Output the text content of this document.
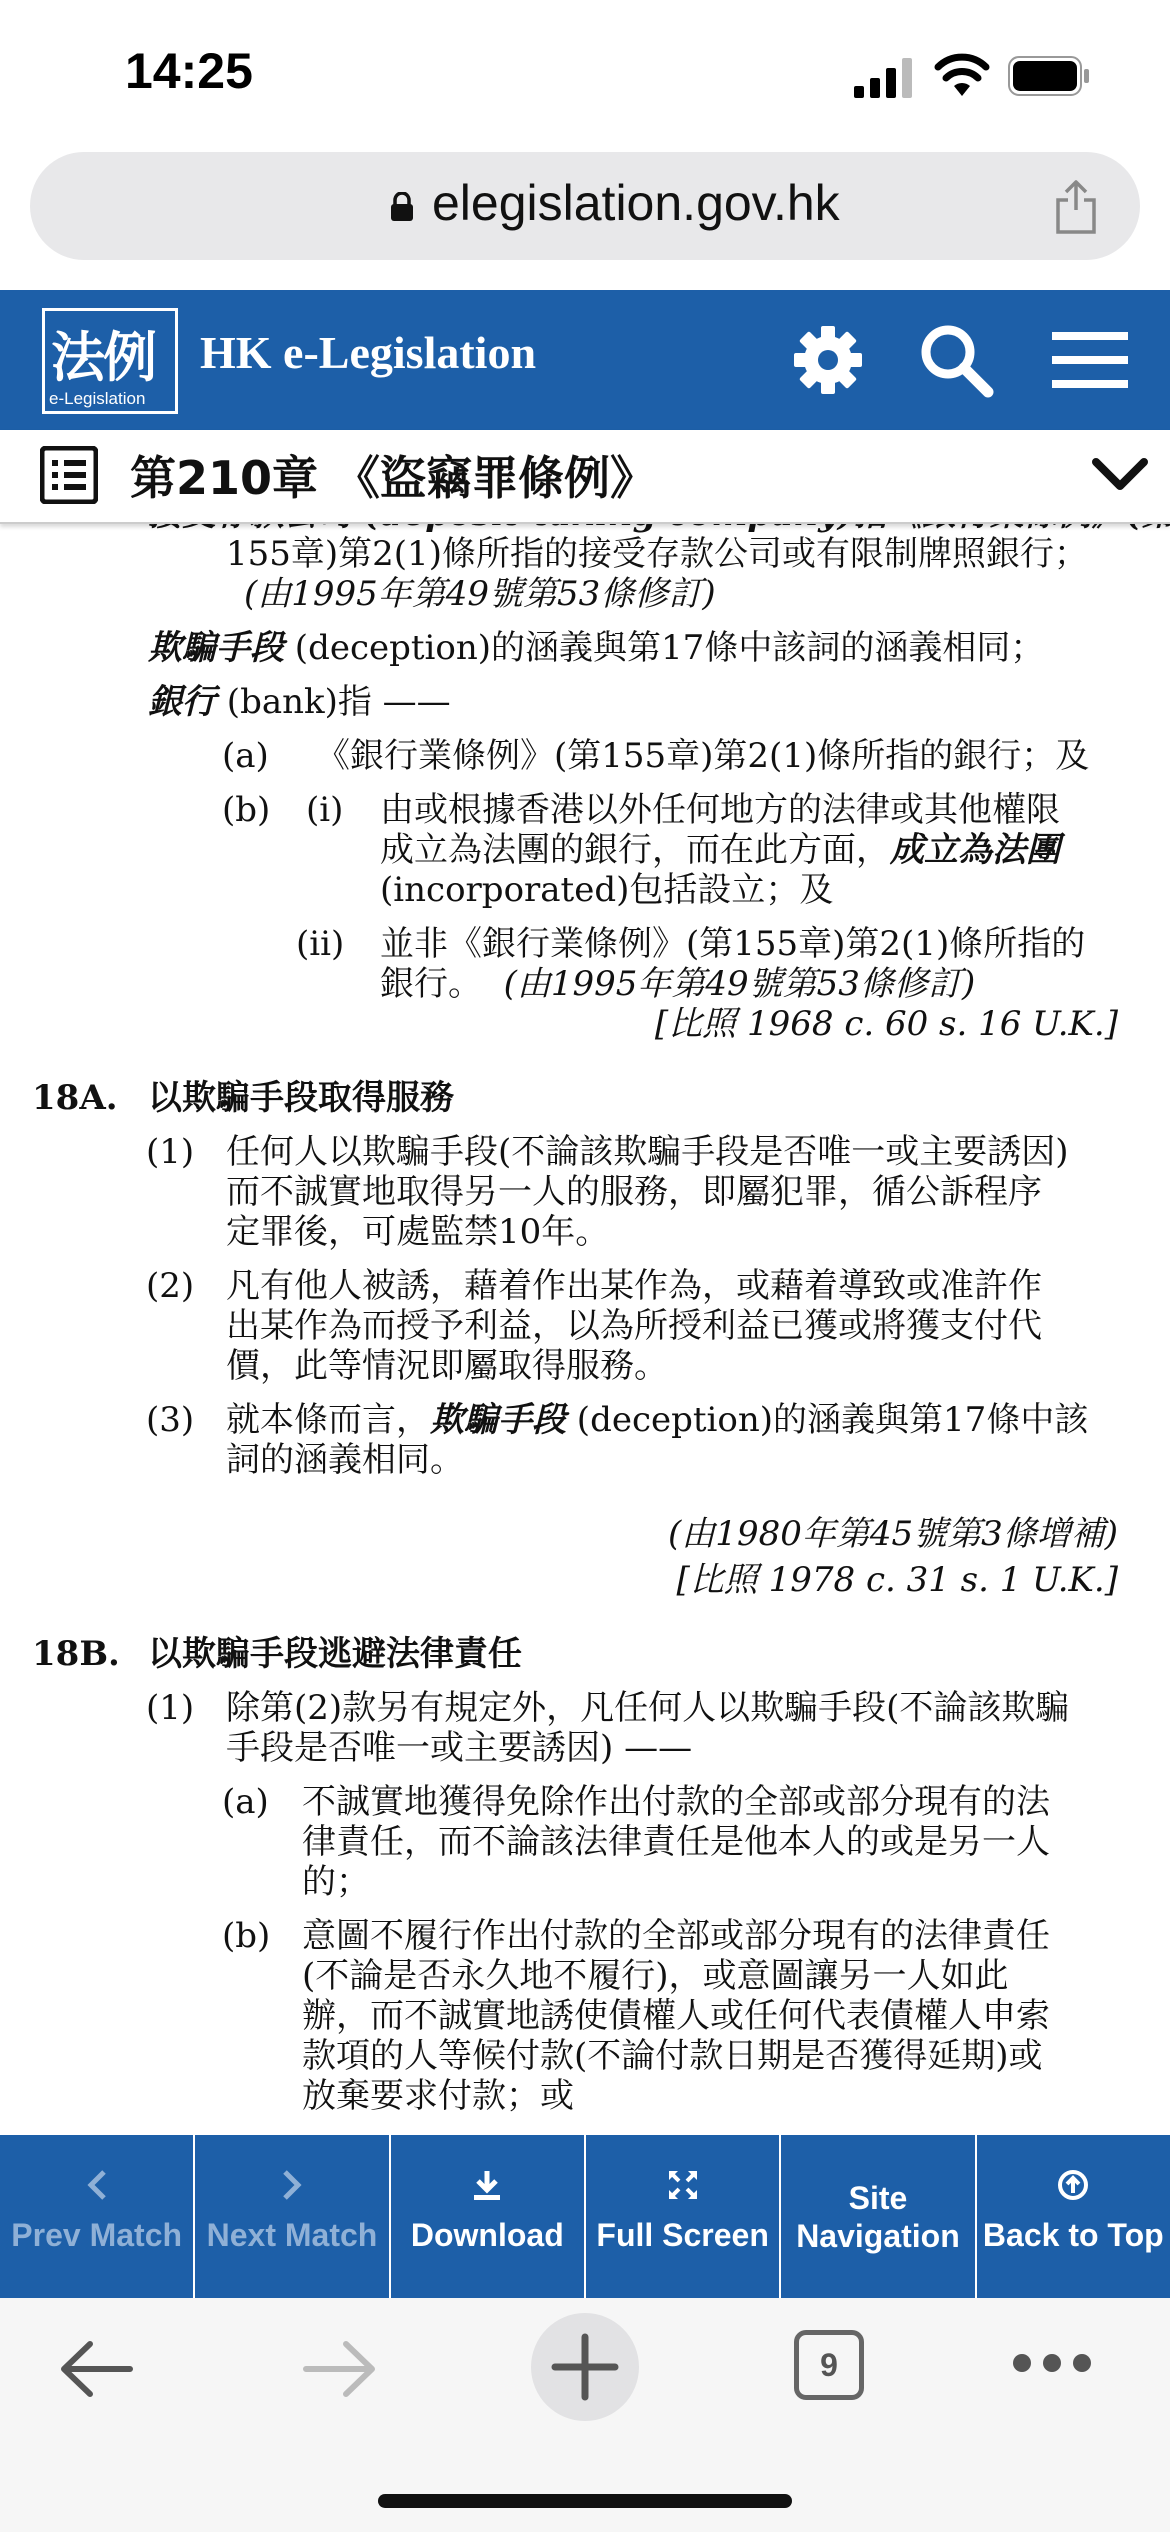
14:25
elegislation.gov.hk
法例
e-Legislation
HK e-Legislation
第210章 《盜竊罪條例》
155章)第2(1)條所指的接受存款公司或有限制牌照銀行；
(由1995年第49號第53條修訂)
欺騙手段 (deception)的涵義與第17條中該詞的涵義相同；
銀行 (bank)指 ——
(a) 《銀行業條例》(第155章)第2(1)條所指的銀行；及
(b) (i) 由或根據香港以外任何地方的法律或其他權限
成立為法團的銀行，而在此方面，成立為法團
(incorporated)包括設立；及
(ii) 並非《銀行業條例》(第155章)第2(1)條所指的
銀行。 (由1995年第49號第53條修訂)
[比照 1968 c. 60 s. 16 U.K.]
18A. 以欺騙手段取得服務
(1) 任何人以欺騙手段(不論該欺騙手段是否唯一或主要誘因)
而不誠實地取得另一人的服務，即屬犯罪，循公訴程序
定罪後，可處監禁10年。
(2) 凡有他人被誘，藉着作出某作為，或藉着導致或准許作
出某作為而授予利益，以為所授利益已獲或將獲支付代
價，此等情況即屬取得服務。
(3) 就本條而言，欺騙手段 (deception)的涵義與第17條中該
詞的涵義相同。
(由1980年第45號第3條增補)
[比照 1978 c. 31 s. 1 U.K.]
18B. 以欺騙手段逃避法律責任
(1) 除第(2)款另有規定外，凡任何人以欺騙手段(不論該欺騙
手段是否唯一或主要誘因) ——
(a) 不誠實地獲得免除作出付款的全部或部分現有的法
律責任，而不論該法律責任是他本人的或是另一人
的；
(b) 意圖不履行作出付款的全部或部分現有的法律責任
(不論是否永久地不履行)，或意圖讓另一人如此
辦，而不誠實地誘使債權人或任何代表債權人申索
款項的人等候付款(不論付款日期是否獲得延期)或
放棄要求付款；或
Prev Match Next Match	Download	Full Screen
Site
Navigation Back to Top
9
